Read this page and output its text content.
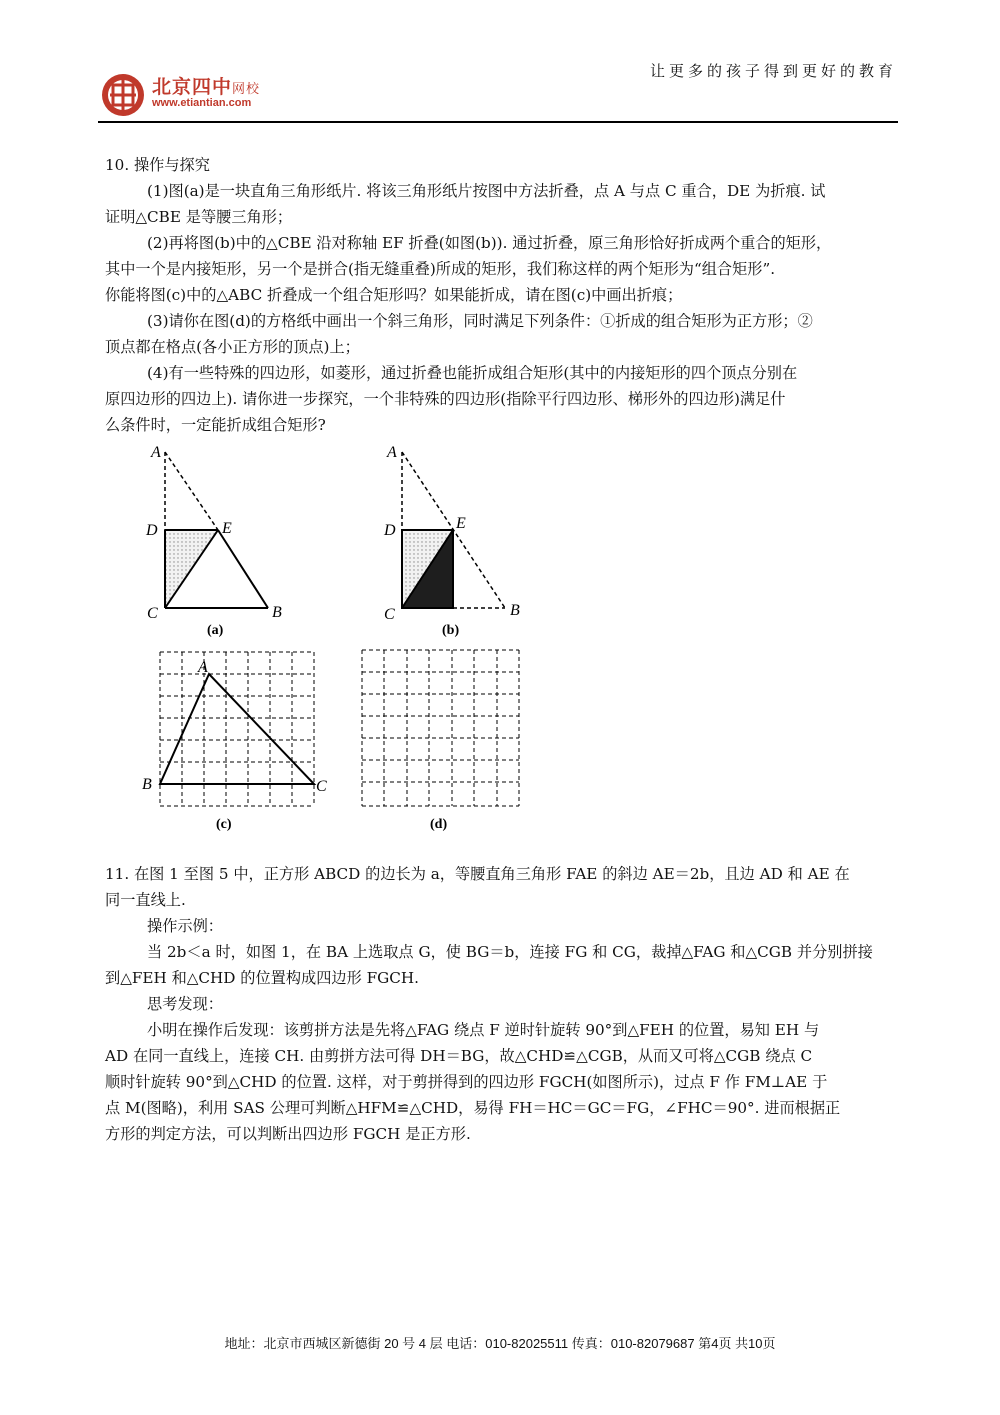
北京四中网校
www.etiantian.com
让更多的孩子得到更好的教育
10. 操作与探究
(1)图(a)是一块直角三角形纸片. 将该三角形纸片按图中方法折叠，点 A 与点 C 重合，DE 为折痕. 试
证明△CBE 是等腰三角形；
(2)再将图(b)中的△CBE 沿对称轴 EF 折叠(如图(b)). 通过折叠，原三角形恰好折成两个重合的矩形，
其中一个是内接矩形，另一个是拼合(指无缝重叠)所成的矩形，我们称这样的两个矩形为“组合矩形”.
你能将图(c)中的△ABC 折叠成一个组合矩形吗？如果能折成，请在图(c)中画出折痕；
(3)请你在图(d)的方格纸中画出一个斜三角形，同时满足下列条件：①折成的组合矩形为正方形；②
顶点都在格点(各小正方形的顶点)上；
(4)有一些特殊的四边形，如菱形，通过折叠也能折成组合矩形(其中的内接矩形的四个顶点分别在
原四边形的四边上). 请你进一步探究，一个非特殊的四边形(指除平行四边形、梯形外的四边形)满足什
么条件时，一定能折成组合矩形?
A
D	E
C	B
(a)
A
D	E
C	B
(b)
A
B	C
(c)	(d)
11. 在图 1 至图 5 中，正方形 ABCD 的边长为 a，等腰直角三角形 FAE 的斜边 AE＝2b，且边 AD 和 AE 在
同一直线上.
操作示例：
当 2b＜a 时，如图 1，在 BA 上选取点 G，使 BG＝b，连接 FG 和 CG，裁掉△FAG 和△CGB 并分别拼接
到△FEH 和△CHD 的位置构成四边形 FGCH.
思考发现：
小明在操作后发现：该剪拼方法是先将△FAG 绕点 F 逆时针旋转 90°到△FEH 的位置，易知 EH 与
AD 在同一直线上，连接 CH. 由剪拼方法可得 DH＝BG，故△CHD≌△CGB，从而又可将△CGB 绕点 C
顺时针旋转 90°到△CHD 的位置. 这样，对于剪拼得到的四边形 FGCH(如图所示)，过点 F 作 FM⊥AE 于
点 M(图略)，利用 SAS 公理可判断△HFM≌△CHD，易得 FH＝HC＝GC＝FG，∠FHC＝90°. 进而根据正
方形的判定方法，可以判断出四边形 FGCH 是正方形.
地址：北京市西城区新德街 20 号 4 层 电话：010-82025511 传真：010-82079687 第4页 共10页
